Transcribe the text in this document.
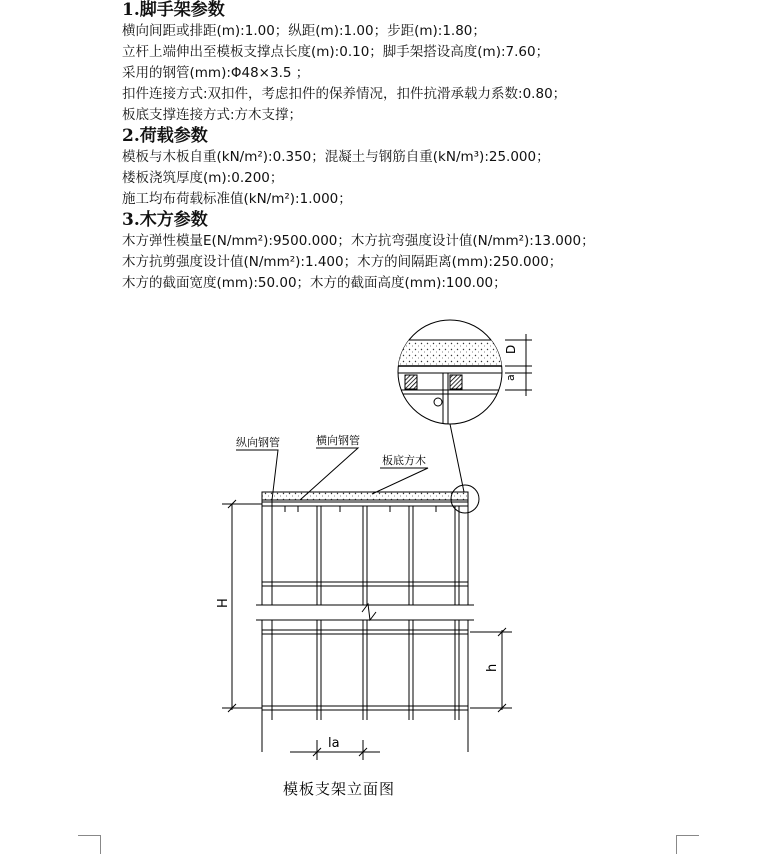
1.脚手架参数
横向间距或排距(m):1.00；纵距(m):1.00；步距(m):1.80；
立杆上端伸出至模板支撑点长度(m):0.10；脚手架搭设高度(m):7.60；
采用的钢管(mm):Φ48×3.5 ；
扣件连接方式:双扣件，考虑扣件的保养情况，扣件抗滑承载力系数:0.80；
板底支撑连接方式:方木支撑；
2.荷载参数
模板与木板自重(kN/m²):0.350；混凝土与钢筋自重(kN/m³):25.000；
楼板浇筑厚度(m):0.200；
施工均布荷载标准值(kN/m²):1.000；
3.木方参数
木方弹性模量E(N/mm²):9500.000；木方抗弯强度设计值(N/mm²):13.000；
木方抗剪强度设计值(N/mm²):1.400；木方的间隔距离(mm):250.000；
木方的截面宽度(mm):50.00；木方的截面高度(mm):100.00；
D
a
H
h
la
纵向钢管	横向钢管
板底方木
模板支架立面图
